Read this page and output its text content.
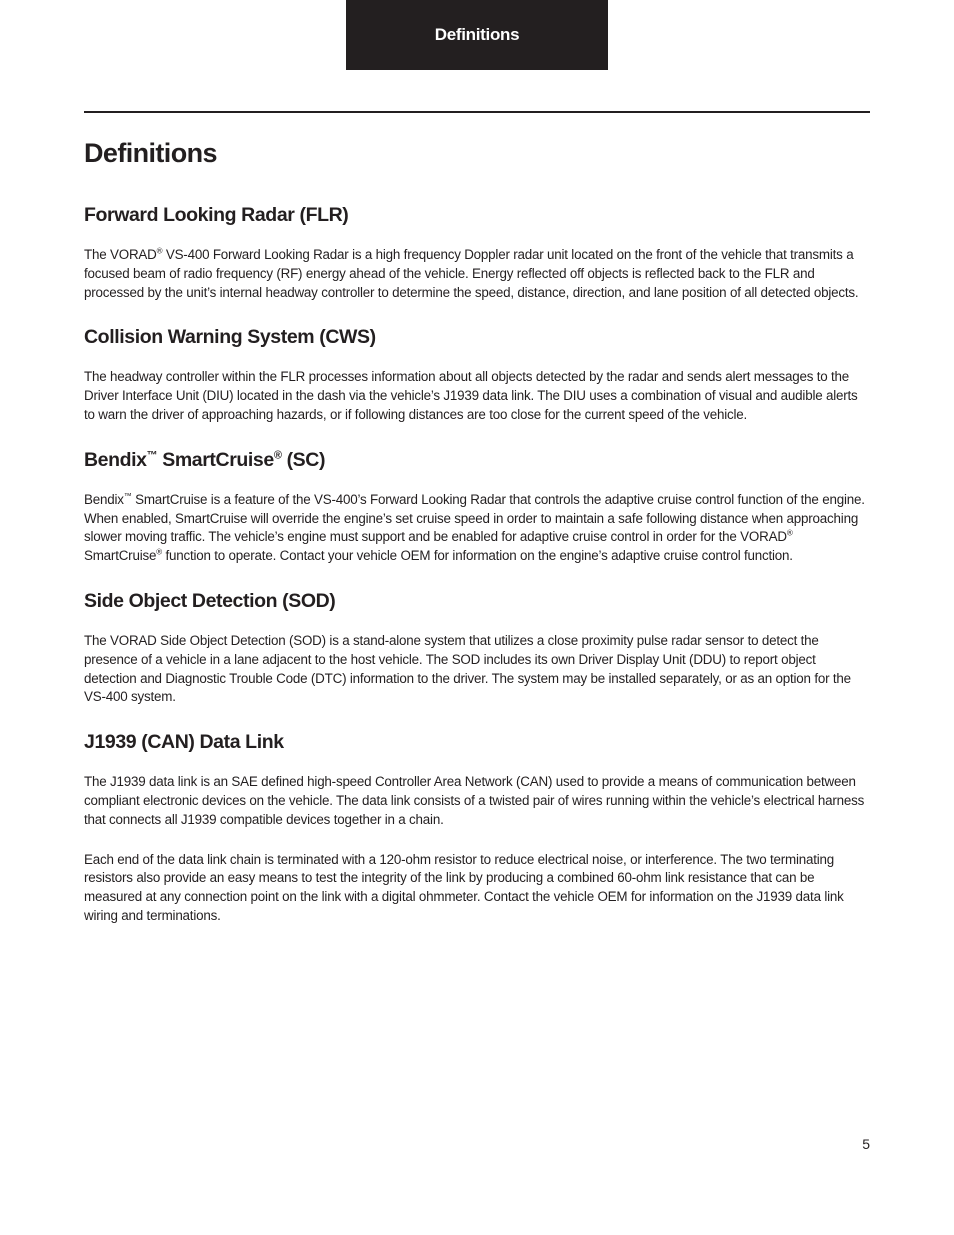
Definitions
Definitions
Forward Looking Radar (FLR)

The VORAD® VS-400 Forward Looking Radar is a high frequency Doppler radar unit located on the front of the vehicle that transmits a focused beam of radio frequency (RF) energy ahead of the vehicle. Energy reflected off objects is reflected back to the FLR and processed by the unit’s internal headway controller to determine the speed, distance, direction, and lane position of all detected objects.

Collision Warning System (CWS)

The headway controller within the FLR processes information about all objects detected by the radar and sends alert messages to the Driver Interface Unit (DIU) located in the dash via the vehicle’s J1939 data link. The DIU uses a combination of visual and audible alerts to warn the driver of approaching hazards, or if following distances are too close for the current speed of the vehicle.

Bendix™ SmartCruise® (SC)

Bendix™ SmartCruise is a feature of the VS-400’s Forward Looking Radar that controls the adaptive cruise control function of the engine. When enabled, SmartCruise will override the engine’s set cruise speed in order to maintain a safe following distance when approaching slower moving traffic. The vehicle’s engine must support and be enabled for adaptive cruise control in order for the VORAD® SmartCruise® function to operate. Contact your vehicle OEM for information on the engine’s adaptive cruise control function.

Side Object Detection (SOD)

The VORAD Side Object Detection (SOD) is a stand-alone system that utilizes a close proximity pulse radar sensor to detect the presence of a vehicle in a lane adjacent to the host vehicle. The SOD includes its own Driver Display Unit (DDU) to report object detection and Diagnostic Trouble Code (DTC) information to the driver. The system may be installed separately, or as an option for the VS-400 system.

J1939 (CAN) Data Link

The J1939 data link is an SAE defined high-speed Controller Area Network (CAN) used to provide a means of communication between compliant electronic devices on the vehicle. The data link consists of a twisted pair of wires running within the vehicle’s electrical harness that connects all J1939 compatible devices together in a chain.

Each end of the data link chain is terminated with a 120-ohm resistor to reduce electrical noise, or interference. The two terminating resistors also provide an easy means to test the integrity of the link by producing a combined 60-ohm link resistance that can be measured at any connection point on the link with a digital ohmmeter. Contact the vehicle OEM for information on the J1939 data link wiring and terminations.

5
